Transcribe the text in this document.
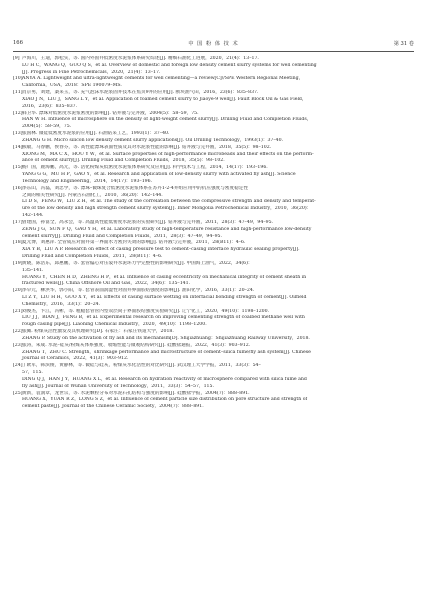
166	中 国 粉 体 技 术	第 31 卷
[9] 卢海川，王迪，郭松实，等. 国内外固井低密度水泥浆体系研究综述[J]. 精细石油化工进展，2020，21(4)：13–17.
LU H C，WANG Q，GUO Q S，et al. Overview of domestic and foreign low density cement slurry systems for well cementing
[J]. Progress in Fine Petrochemicals，2020，21(4)：13–17.
[10]ANYA A. Lightweight and ultra-lightweight cements for well cementing—a review[C]//SPE Western Regional Meeting，
California，USA，2018：SPE 190079–MS.
[11]肖京男，刘建，桑来玉，等. 充气泡沫水泥浆固井技术在焦页9井的应用[J]. 断块油气田，2016，23(6)：835–837.
XIAO J N，LIU J，SANG L Y，et al. Application of foamed cement slurry to Jiaoye-9 well[J]. Fault Block Oil & Gas Field，
2016，23(6)：835–837.
[12]韩卫华. 漂珠对低密度水泥浆密度的影响[J]. 钻井液与完井液，2004(5)：58–59，75.
HAN W H. Influence of microsphere on the density of light-weight cement slurry[J]. Drilling Fluid and Completion Fluids，
2004(5)：58–59，75.
[13]张国林. 微硅低密度水泥浆的应用[J]. 石油钻采工艺，1993(1)：37–40.
ZHANG G H. Micro silicon low density cement slurry applications[J]. Oil Drilling Technology，1993(1)：37–40.
[14]熊敏，马春鹏，侯春芬，等. 高性能漂珠表面性质及其对水泥浆性能的影响[J]. 钻井液与完井液，2018，35(5)：98–102.
XIONG M，MA C X，HOU Y W，et al. Surface properties of high-performance microbeads and their effects on the perform-
ance of cement slurry[J]. Drilling Fluid and Completion Fluids，2018，35(5)：98–102.
[15]杨广国，鹿海鹏，高元，等. 活化粉煤灰低密度水泥浆体系研究及应用[J]. 科学技术与工程，2014，14(17)：193–196.
YANG G G，MU H P，GAO Y，et al. Research and application of low-density slurry with activated fly ash[J]. Science
Technology and Engineering，2014，14(17)：193–196.
[16]李东山，冯磊，刘忠学，等. 漂珠–微珠复合低密度水泥浆体系在苏丹1-2-4井组应用中的抗压强度与密度稳定性
之间的相关性研究[J]. 内蒙古石油化工，2010，36(20)：142–144.
LI D S，FENG W，LIU Z H，et al. The study of the correlation between the compressive strength and density and temperat-
ure of the low density and high strength cement slurry system[J]. Inner Mongolia Petrochemical Industry，2010，36(20)：
142–144.
[17]曾建国，孙富全，高永会，等. 高温高性能低密度水泥浆的实验研究[J]. 钻井液与完井液，2011，28(3)：47–49，94–95.
ZENG J G，SUN F Q，GAO Y H，et al. Laboratory study of high-temperature resistance and high-performance low-density
cement slurry[J]. Drilling Fluid and Completion Fluids，2011，28(3)：47–49，94–95.
[18]夏元博，刘惠萍. 全管成压对固井第一界面水力密封失效的影响[J]. 钻井液与完井液，2011，28(B11)：4–6.
XIA Y B，LIU A P. Research on effect of casing pressure test to cement–casing interface hydraulic sealing property[J].
Drilling Fluid and Completion Fluids，2011，28(B11)：4–6.
[19]黄晓，陈浩东，邱惠鹏，等. 套管偏心对压裂井水泥环力学完整性的影响研究[J]. 中国海上油气，2022，34(6)：
135–141.
HUANG Y，CHEN H D，ZHENG H P，et al. Influence of casing eccentricity on mechanical integrity of cement sheath in
fractured wells[J]. China Offshore Oil and Gas，2022，34(6)：135–141.
[20]李早元，柳洪华，郭小阳，等. 套管表面润湿性对固井界面胶结强度的影响[J]. 油田化学，2016，33(1)：20–24.
LI Z Y，LIU H H，GUO X Y，et al. Effects of casing surface wetting on interfacial bonding strength of cement[J]. Oilfield
Chemistry，2016，33(1)：20–24.
[21]刘俊杰，卞江，冯彬，等. 粗糙套管管内型双层筒子界面胶结强度实验研究[J]. 辽宁化工，2020，49(10)：1198–1200.
LIU J J，BIAN J，FENG B，et al. Experimental research on improving cementing strength of coalbed methane well with
rough casing pipe[J]. Liaoning Chemical Industry，2020，49(10)：1198–1200.
[22]张佩. 粉煤灰活性激发及其机理研究[D]. 石家庄：石家庄铁道大学，2018.
ZHANG P. Study on the activation of fly ash and its mechanism[D]. Shijiazhuang：Shijiazhuang Railway University，2018.
[23]张涛，朱成. 水泥–硅灰/粉煤灰体系强度、收缩性能与微观结构研究[J]. 硅酸盐通报，2022，41(3)：903–912.
ZHANG T，ZHU C. Strength，shrinkage performance and microstructure of cement–silica fume/fly ash system[J]. Chinese
Journal of Ceramics，2022，41(3)：903–912.
[24]丁欧军，韩滨俊，黄静林，等. 微硅与硅灰，粉煤灰水化活性的对比研究[J]. 武汉理工大学学报，2011，33(3)：54–
57，115.
DING Q J，HAN J Y，HUANG X L，et al. Research on hydration reactivity of microsphere compared with silica fume and
fly ash[J]. Journal of Wuhan University of Technology，2011，33(3)：54–57，115.
[25]黄新，袁润章，龙世宗，等. 水泥颗粒分布对水泥石孔结构与强度的影响[J]. 硅酸盐学报，2004(7)：888–891.
HUANG X，YUAN R Z，LONG S Z，et al. Influence of cement particle size distribution on pore structure and strength of
cement paste[J]. Journal of the Chinese Ceramic Society，2004(7)：888–891.
